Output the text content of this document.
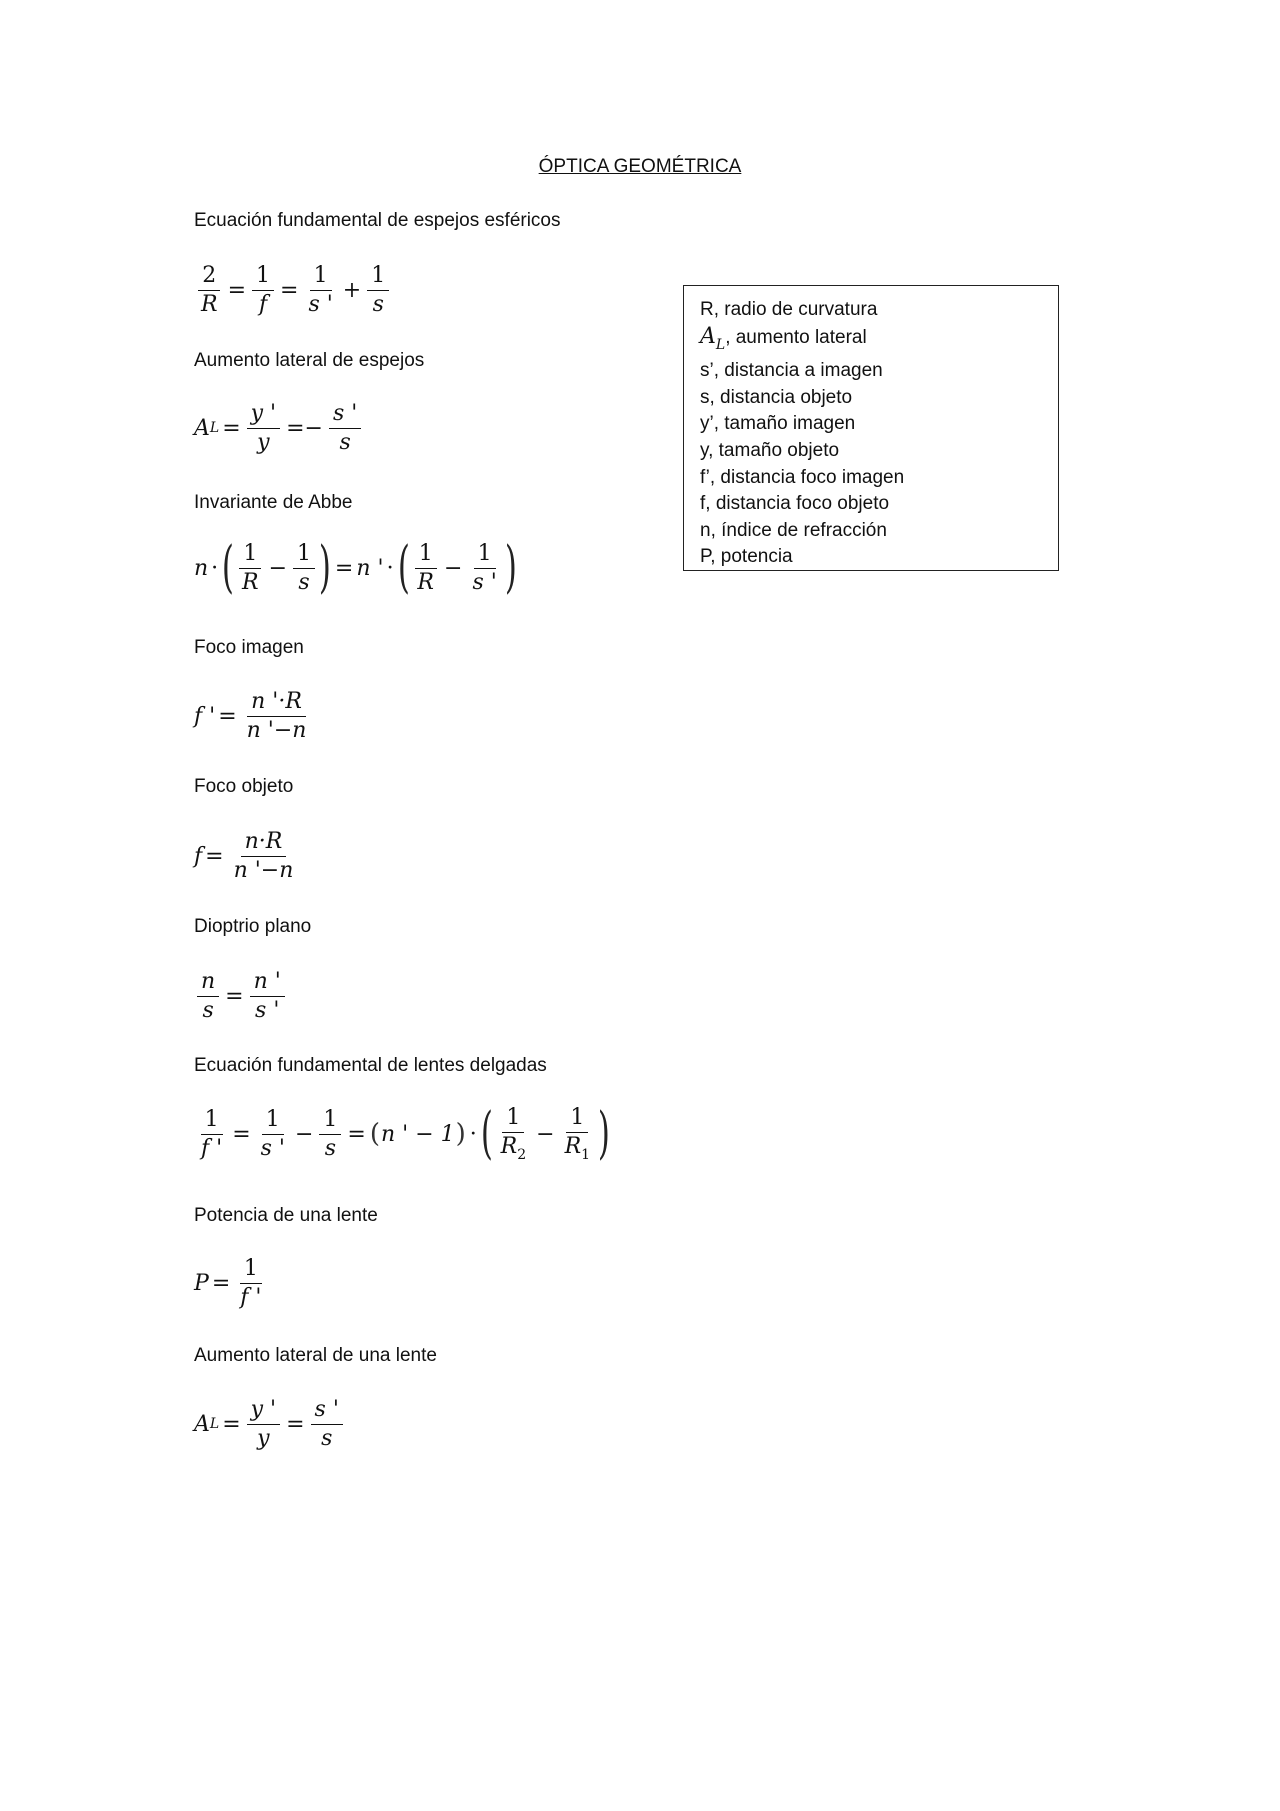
ÓPTICA GEOMÉTRICA
Ecuación fundamental de espejos esféricos
$\frac{2}{R} = \frac{1}{f} = \frac{1}{s '} + \frac{1}{s}$
Aumento lateral de espejos
A $L = \frac{y '}{y} =- \frac{s '}{s}$
Invariante de Abbe
n · ( $\frac{1}{R} - \frac{1}{s}$ ) = n ' · ( $\frac{1}{R} - \frac{1}{s '}$ )
Foco imagen
f ' = $\frac{n '\cdot R}{n '-n}$
Foco objeto
$f = \frac{n\cdot R}{n '-n}$
Dioptrio plano
$\frac{n}{s} = \frac{n '}{s '}$
Ecuación fundamental de lentes delgadas
$\frac{1}{f '} = \frac{1}{s '} - \frac{1}{s}$ = ( n ' − 1 ) · ( $\frac{1}{R_2} - \frac{1}{R_1}$ )
Potencia de una lente
$P = \frac{1}{f '}$
Aumento lateral de una lente
A $L = \frac{y '}{y} = \frac{s '}{s}$
R, radio de curvatura
$A_L$, aumento lateral
s’, distancia a imagen
s, distancia objeto
y’, tamaño imagen
y, tamaño objeto
f’, distancia foco imagen
f, distancia foco objeto
n, índice de refracción
P, potencia
